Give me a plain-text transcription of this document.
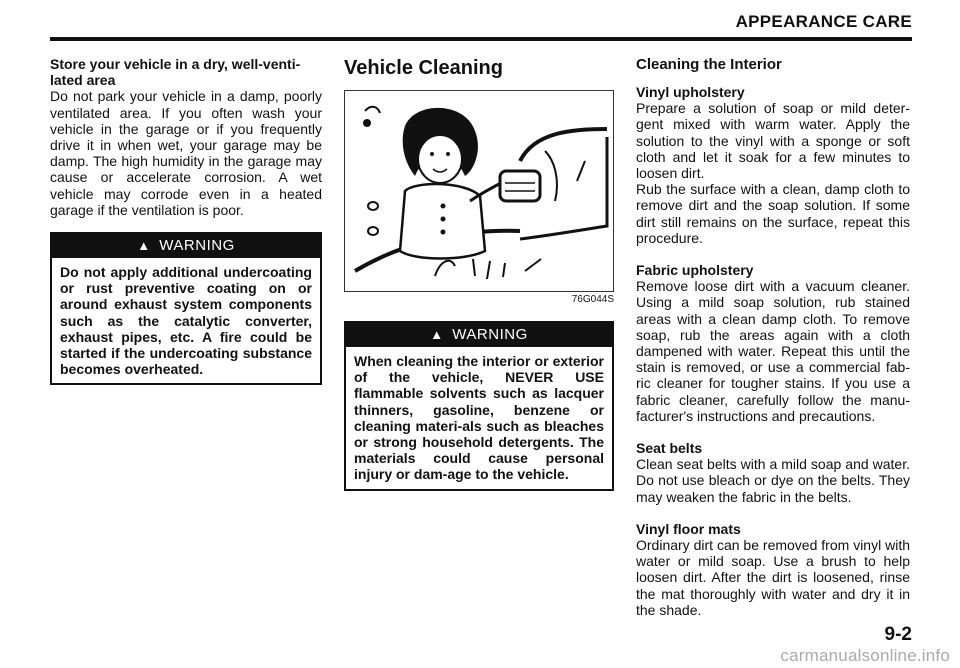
APPEARANCE CARE

Store your vehicle in a dry, well-venti-lated area

Do not park your vehicle in a damp, poorly ventilated area. If you often wash your vehicle in the garage or if you frequently drive it in when wet, your garage may be damp. The high humidity in the garage may cause or accelerate corrosion. A wet vehicle may corrode even in a heated garage if the ventilation is poor.

▲ WARNING
Do not apply additional undercoating or rust preventive coating on or around exhaust system components such as the catalytic converter, exhaust pipes, etc. A fire could be started if the undercoating substance becomes overheated.

Vehicle Cleaning

76G044S
▲ WARNING
When cleaning the interior or exterior of the vehicle, NEVER USE flammable solvents such as lacquer thinners, gasoline, benzene or cleaning materi-als such as bleaches or strong household detergents. The materials could cause personal injury or dam-age to the vehicle.

Cleaning the Interior

Vinyl upholstery

Prepare a solution of soap or mild deter-gent mixed with warm water. Apply the solution to the vinyl with a sponge or soft cloth and let it soak for a few minutes to loosen dirt.

Rub the surface with a clean, damp cloth to remove dirt and the soap solution. If some dirt still remains on the surface, repeat this procedure.

Fabric upholstery

Remove loose dirt with a vacuum cleaner. Using a mild soap solution, rub stained areas with a clean damp cloth. To remove soap, rub the areas again with a cloth dampened with water. Repeat this until the stain is removed, or use a commercial fab-ric cleaner for tougher stains. If you use a fabric cleaner, carefully follow the manu-facturer's instructions and precautions.

Seat belts

Clean seat belts with a mild soap and water. Do not use bleach or dye on the belts. They may weaken the fabric in the belts.

Vinyl floor mats

Ordinary dirt can be removed from vinyl with water or mild soap. Use a brush to help loosen dirt. After the dirt is loosened, rinse the mat thoroughly with water and dry it in the shade.

9-2
carmanualsonline.info
